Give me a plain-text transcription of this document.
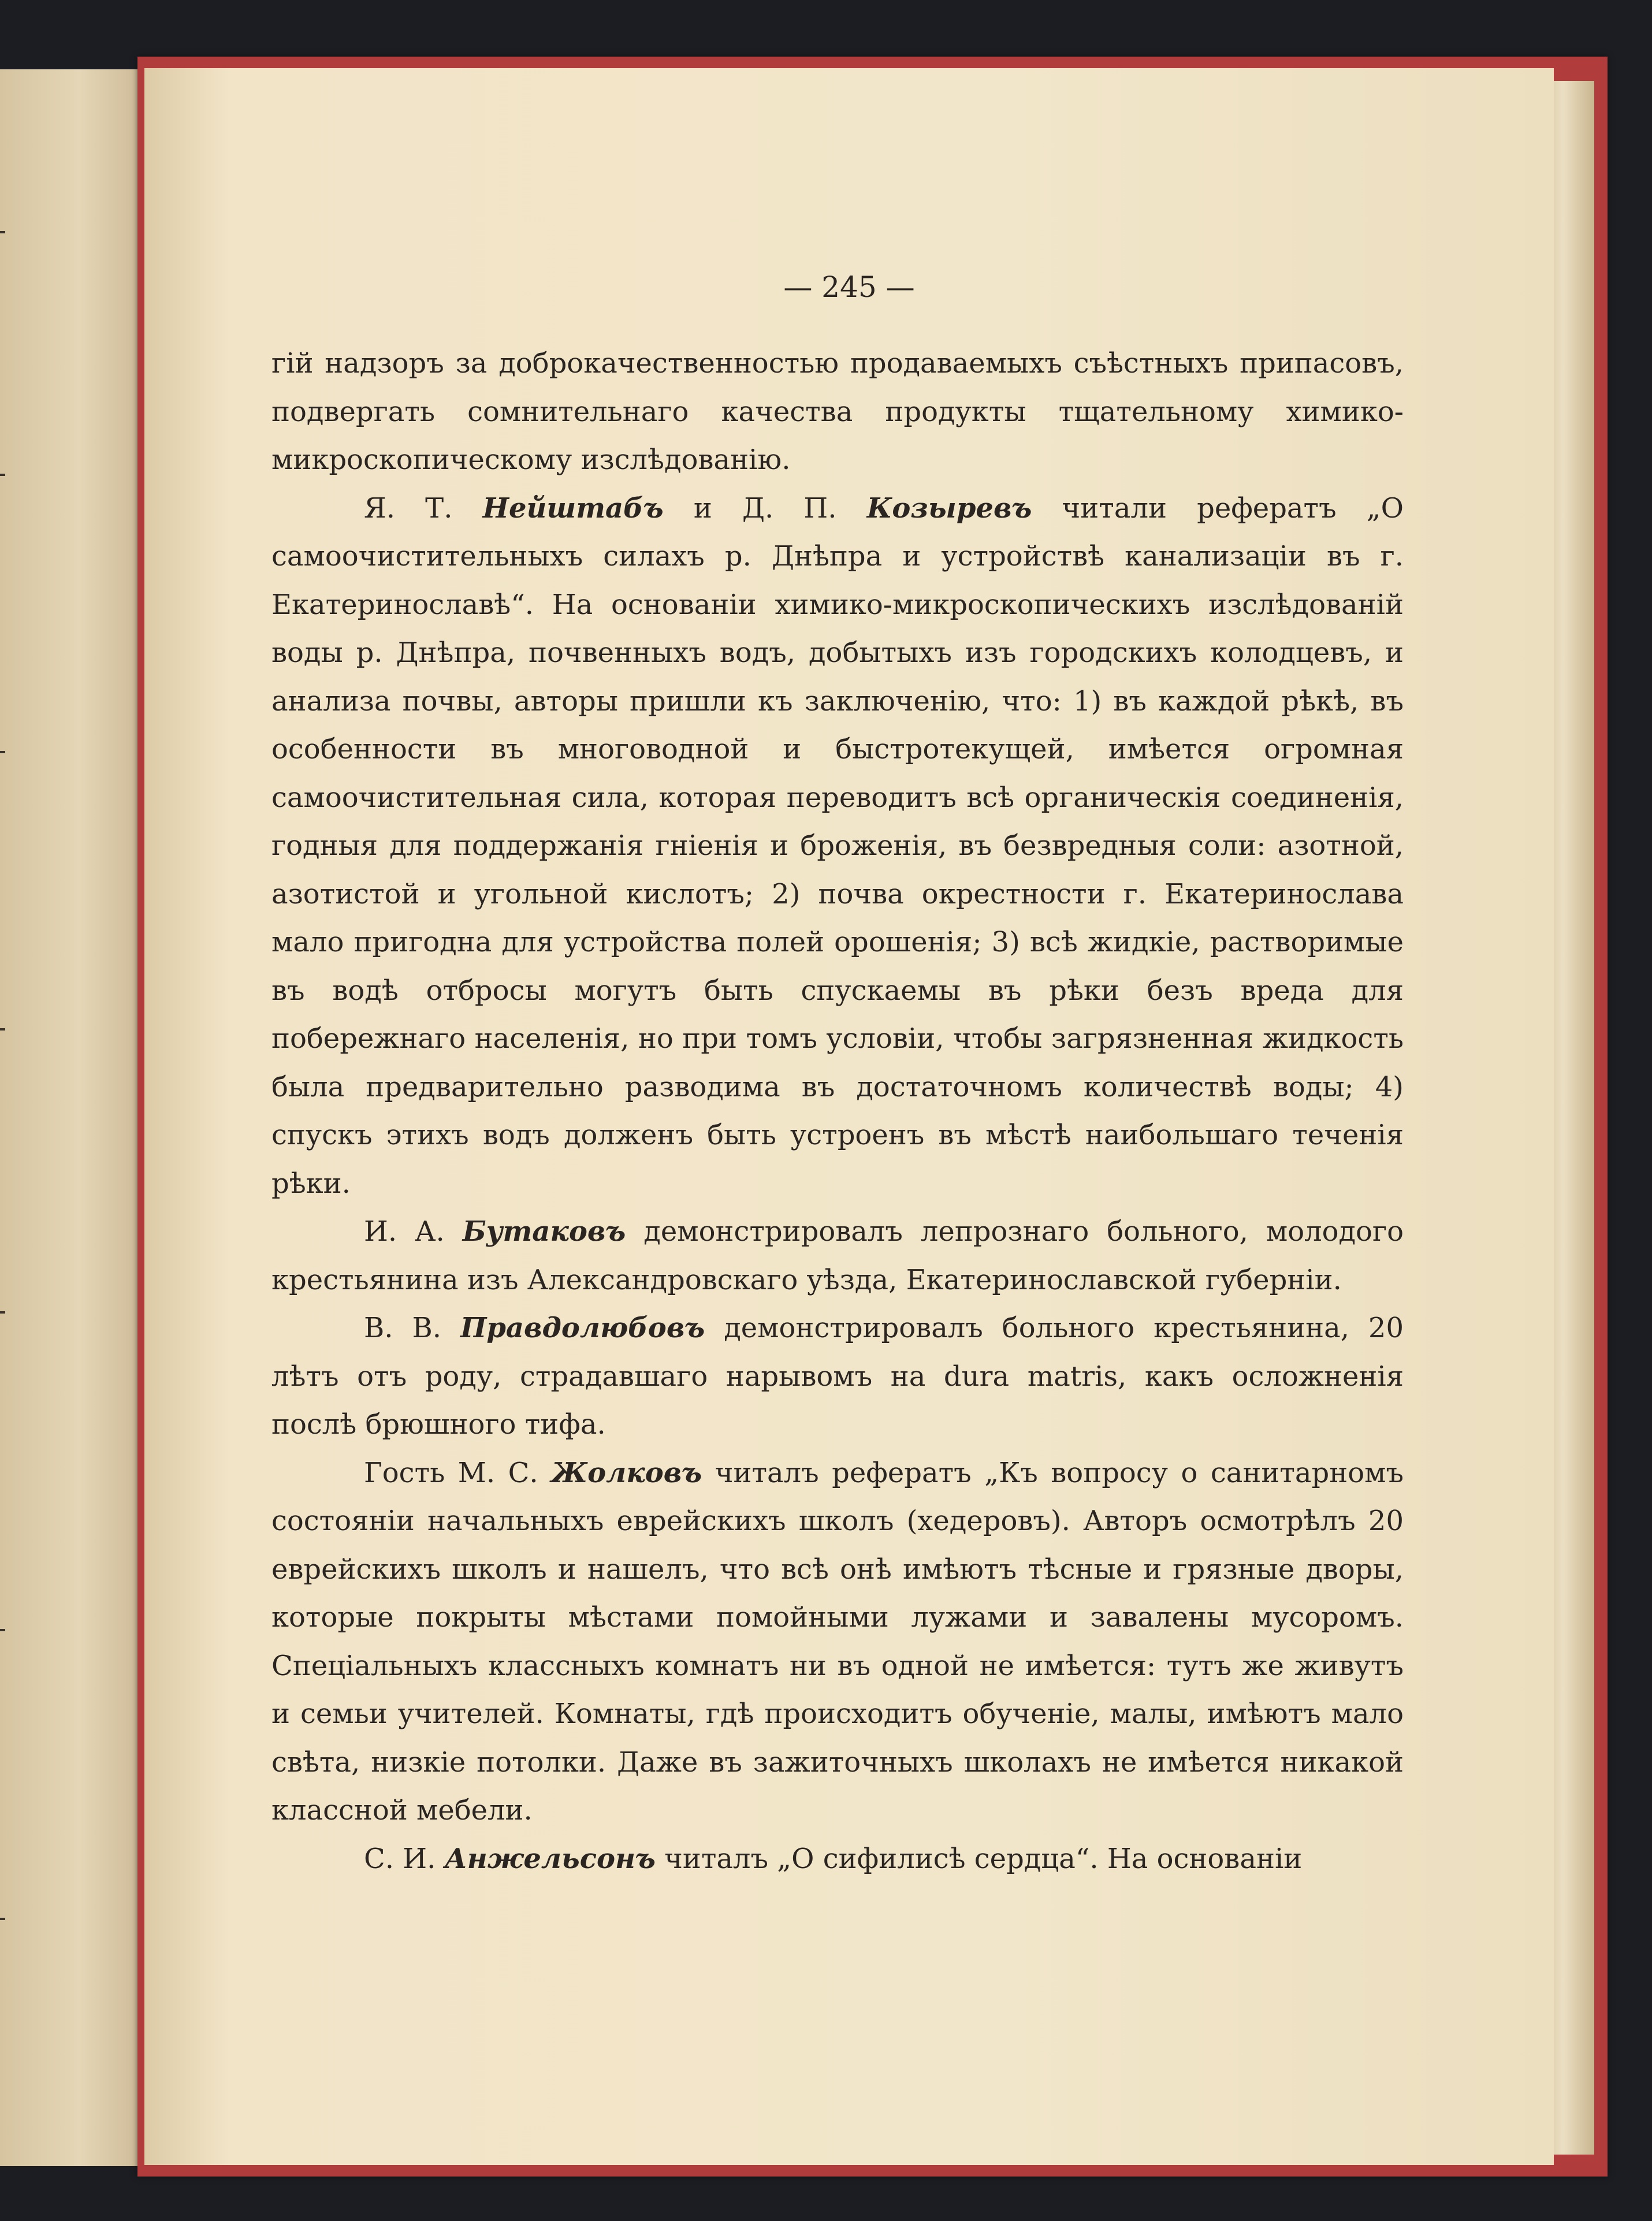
— 245 —

гій надзоръ за доброкачественностью продаваемыхъ съѣстныхъ припасовъ, подвергать сомнительнаго качества продукты тщательному химико-микроскопическому изслѣдованію.

Я. Т. Нейштабъ и Д. П. Козыревъ читали рефератъ „О самоочистительныхъ силахъ р. Днѣпра и устройствѣ канализаціи въ г. Екатеринославѣ“. На основаніи химико-микроскопическихъ изслѣдованій воды р. Днѣпра, почвенныхъ водъ, добытыхъ изъ городскихъ колодцевъ, и анализа почвы, авторы пришли къ заключенію, что: 1) въ каждой рѣкѣ, въ особенности въ многоводной и быстротекущей, имѣется огромная самоочистительная сила, которая переводитъ всѣ органическія соединенія, годныя для поддержанія гніенія и броженія, въ безвредныя соли: азотной, азотистой и угольной кислотъ; 2) почва окрестности г. Екатеринослава мало пригодна для устройства полей орошенія; 3) всѣ жидкіе, растворимые въ водѣ отбросы могутъ быть спускаемы въ рѣки безъ вреда для побережнаго населенія, но при томъ условіи, чтобы загрязненная жидкость была предварительно разводима въ достаточномъ количествѣ воды; 4) спускъ этихъ водъ долженъ быть устроенъ въ мѣстѣ наибольшаго теченія рѣки.

И. А. Бутаковъ демонстрировалъ лепрознаго больного, молодого крестьянина изъ Александровскаго уѣзда, Екатеринославской губерніи.

В. В. Правдолюбовъ демонстрировалъ больного крестьянина, 20 лѣтъ отъ роду, страдавшаго нарывомъ на dura matris, какъ осложненія послѣ брюшного тифа.

Гость М. С. Жолковъ читалъ рефератъ „Къ вопросу о санитарномъ состояніи начальныхъ еврейскихъ школъ (хедеровъ). Авторъ осмотрѣлъ 20 еврейскихъ школъ и нашелъ, что всѣ онѣ имѣютъ тѣсные и грязные дворы, которые покрыты мѣстами помойными лужами и завалены мусоромъ. Спеціальныхъ классныхъ комнатъ ни въ одной не имѣется: тутъ же живутъ и семьи учителей. Комнаты, гдѣ происходитъ обученіе, малы, имѣютъ мало свѣта, низкіе потолки. Даже въ зажиточныхъ школахъ не имѣется никакой классной мебели.

С. И. Анжельсонъ читалъ „О сифилисѣ сердца“. На основаніи
